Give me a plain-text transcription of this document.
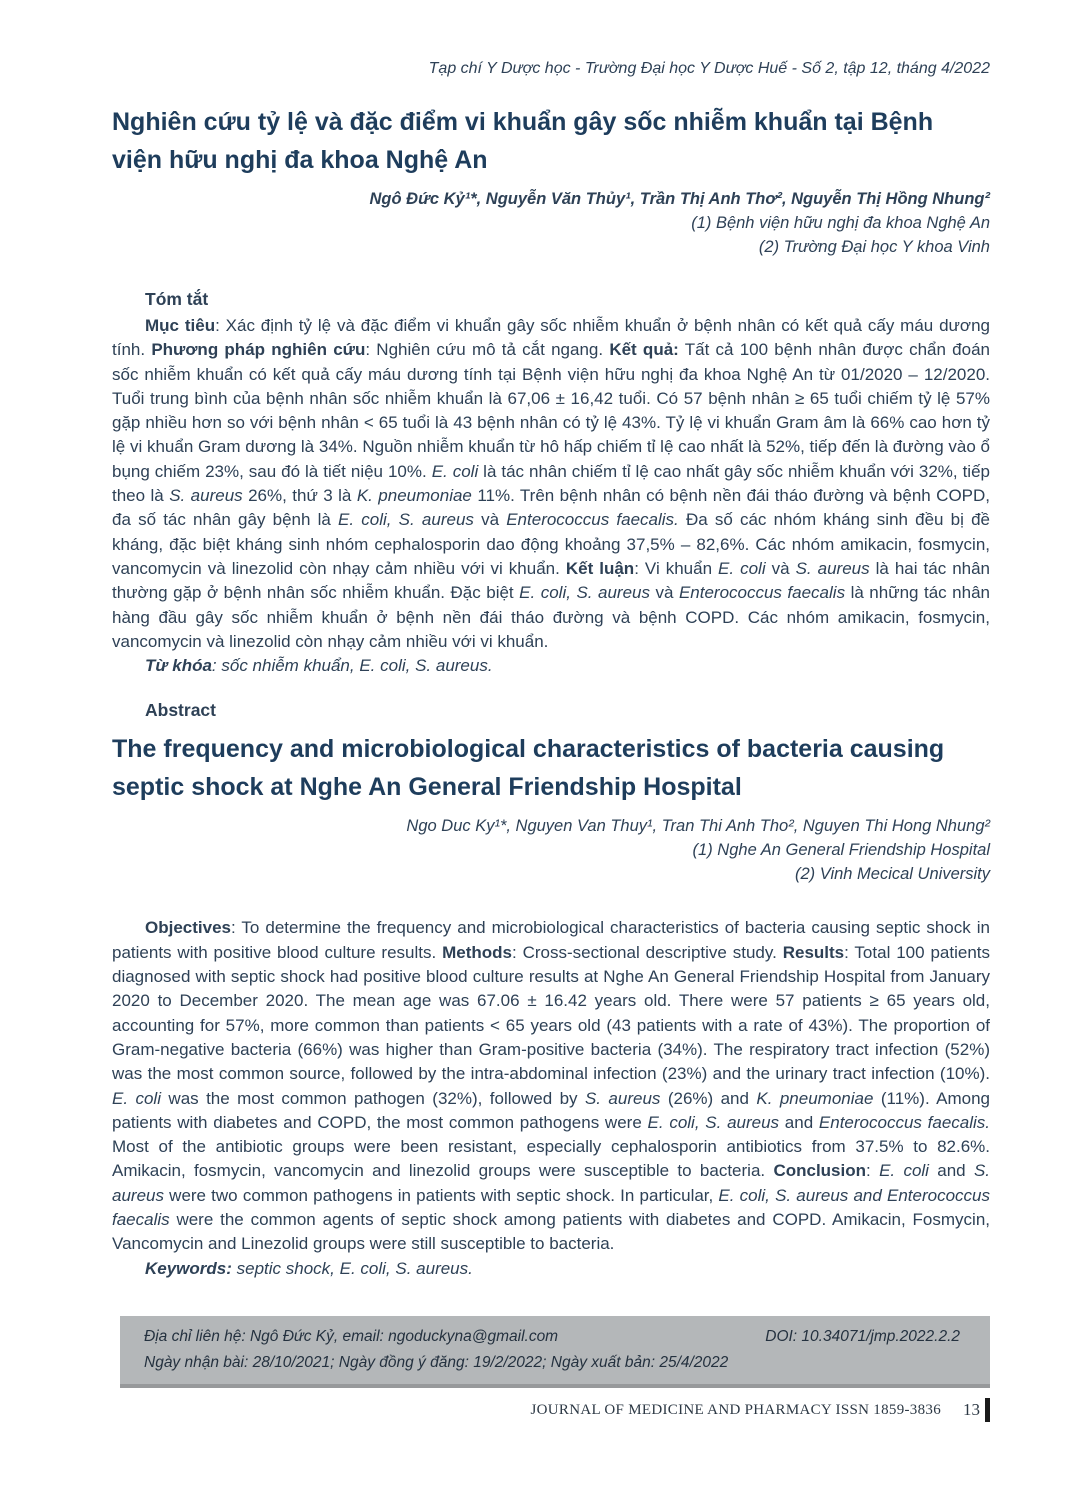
Tạp chí Y Dược học - Trường Đại học Y Dược Huế - Số 2, tập 12, tháng 4/2022
Nghiên cứu tỷ lệ và đặc điểm vi khuẩn gây sốc nhiễm khuẩn tại Bệnh viện hữu nghị đa khoa Nghệ An
Ngô Đức Kỷ¹*, Nguyễn Văn Thủy¹, Trần Thị Anh Thơ², Nguyễn Thị Hồng Nhung²
(1) Bệnh viện hữu nghị đa khoa Nghệ An
(2) Trường Đại học Y khoa Vinh
Tóm tắt

Mục tiêu: Xác định tỷ lệ và đặc điểm vi khuẩn gây sốc nhiễm khuẩn ở bệnh nhân có kết quả cấy máu dương tính. Phương pháp nghiên cứu: Nghiên cứu mô tả cắt ngang. Kết quả: Tất cả 100 bệnh nhân được chẩn đoán sốc nhiễm khuẩn có kết quả cấy máu dương tính tại Bệnh viện hữu nghị đa khoa Nghệ An từ 01/2020 – 12/2020. Tuổi trung bình của bệnh nhân sốc nhiễm khuẩn là 67,06 ± 16,42 tuổi. Có 57 bệnh nhân ≥ 65 tuổi chiếm tỷ lệ 57% gặp nhiều hơn so với bệnh nhân < 65 tuổi là 43 bệnh nhân có tỷ lệ 43%. Tỷ lệ vi khuẩn Gram âm là 66% cao hơn tỷ lệ vi khuẩn Gram dương là 34%. Nguồn nhiễm khuẩn từ hô hấp chiếm tỉ lệ cao nhất là 52%, tiếp đến là đường vào ổ bụng chiếm 23%, sau đó là tiết niệu 10%. E. coli là tác nhân chiếm tỉ lệ cao nhất gây sốc nhiễm khuẩn với 32%, tiếp theo là S. aureus 26%, thứ 3 là K. pneumoniae 11%. Trên bệnh nhân có bệnh nền đái tháo đường và bệnh COPD, đa số tác nhân gây bệnh là E. coli, S. aureus và Enterococcus faecalis. Đa số các nhóm kháng sinh đều bị đề kháng, đặc biệt kháng sinh nhóm cephalosporin dao động khoảng 37,5% – 82,6%. Các nhóm amikacin, fosmycin, vancomycin và linezolid còn nhạy cảm nhiều với vi khuẩn. Kết luận: Vi khuẩn E. coli và S. aureus là hai tác nhân thường gặp ở bệnh nhân sốc nhiễm khuẩn. Đặc biệt E. coli, S. aureus và Enterococcus faecalis là những tác nhân hàng đầu gây sốc nhiễm khuẩn ở bệnh nền đái tháo đường và bệnh COPD. Các nhóm amikacin, fosmycin, vancomycin và linezolid còn nhạy cảm nhiều với vi khuẩn.

Từ khóa: sốc nhiễm khuẩn, E. coli, S. aureus.

Abstract
The frequency and microbiological characteristics of bacteria causing septic shock at Nghe An General Friendship Hospital
Ngo Duc Ky¹*, Nguyen Van Thuy¹, Tran Thi Anh Tho², Nguyen Thi Hong Nhung²
(1) Nghe An General Friendship Hospital
(2) Vinh Mecical University

Objectives: To determine the frequency and microbiological characteristics of bacteria causing septic shock in patients with positive blood culture results. Methods: Cross-sectional descriptive study. Results: Total 100 patients diagnosed with septic shock had positive blood culture results at Nghe An General Friendship Hospital from January 2020 to December 2020. The mean age was 67.06 ± 16.42 years old. There were 57 patients ≥ 65 years old, accounting for 57%, more common than patients < 65 years old (43 patients with a rate of 43%). The proportion of Gram-negative bacteria (66%) was higher than Gram-positive bacteria (34%). The respiratory tract infection (52%) was the most common source, followed by the intra-abdominal infection (23%) and the urinary tract infection (10%). E. coli was the most common pathogen (32%), followed by S. aureus (26%) and K. pneumoniae (11%). Among patients with diabetes and COPD, the most common pathogens were E. coli, S. aureus and Enterococcus faecalis. Most of the antibiotic groups were been resistant, especially cephalosporin antibiotics from 37.5% to 82.6%. Amikacin, fosmycin, vancomycin and linezolid groups were susceptible to bacteria. Conclusion: E. coli and S. aureus were two common pathogens in patients with septic shock. In particular, E. coli, S. aureus and Enterococcus faecalis were the common agents of septic shock among patients with diabetes and COPD. Amikacin, Fosmycin, Vancomycin and Linezolid groups were still susceptible to bacteria.

Keywords: septic shock, E. coli, S. aureus.

Địa chỉ liên hệ: Ngô Đức Kỷ, email: ngoduckyna@gmail.com	DOI: 10.34071/jmp.2022.2.2
Ngày nhận bài: 28/10/2021; Ngày đồng ý đăng: 19/2/2022; Ngày xuất bản: 25/4/2022
JOURNAL OF MEDICINE AND PHARMACY ISSN 1859-3836 13
